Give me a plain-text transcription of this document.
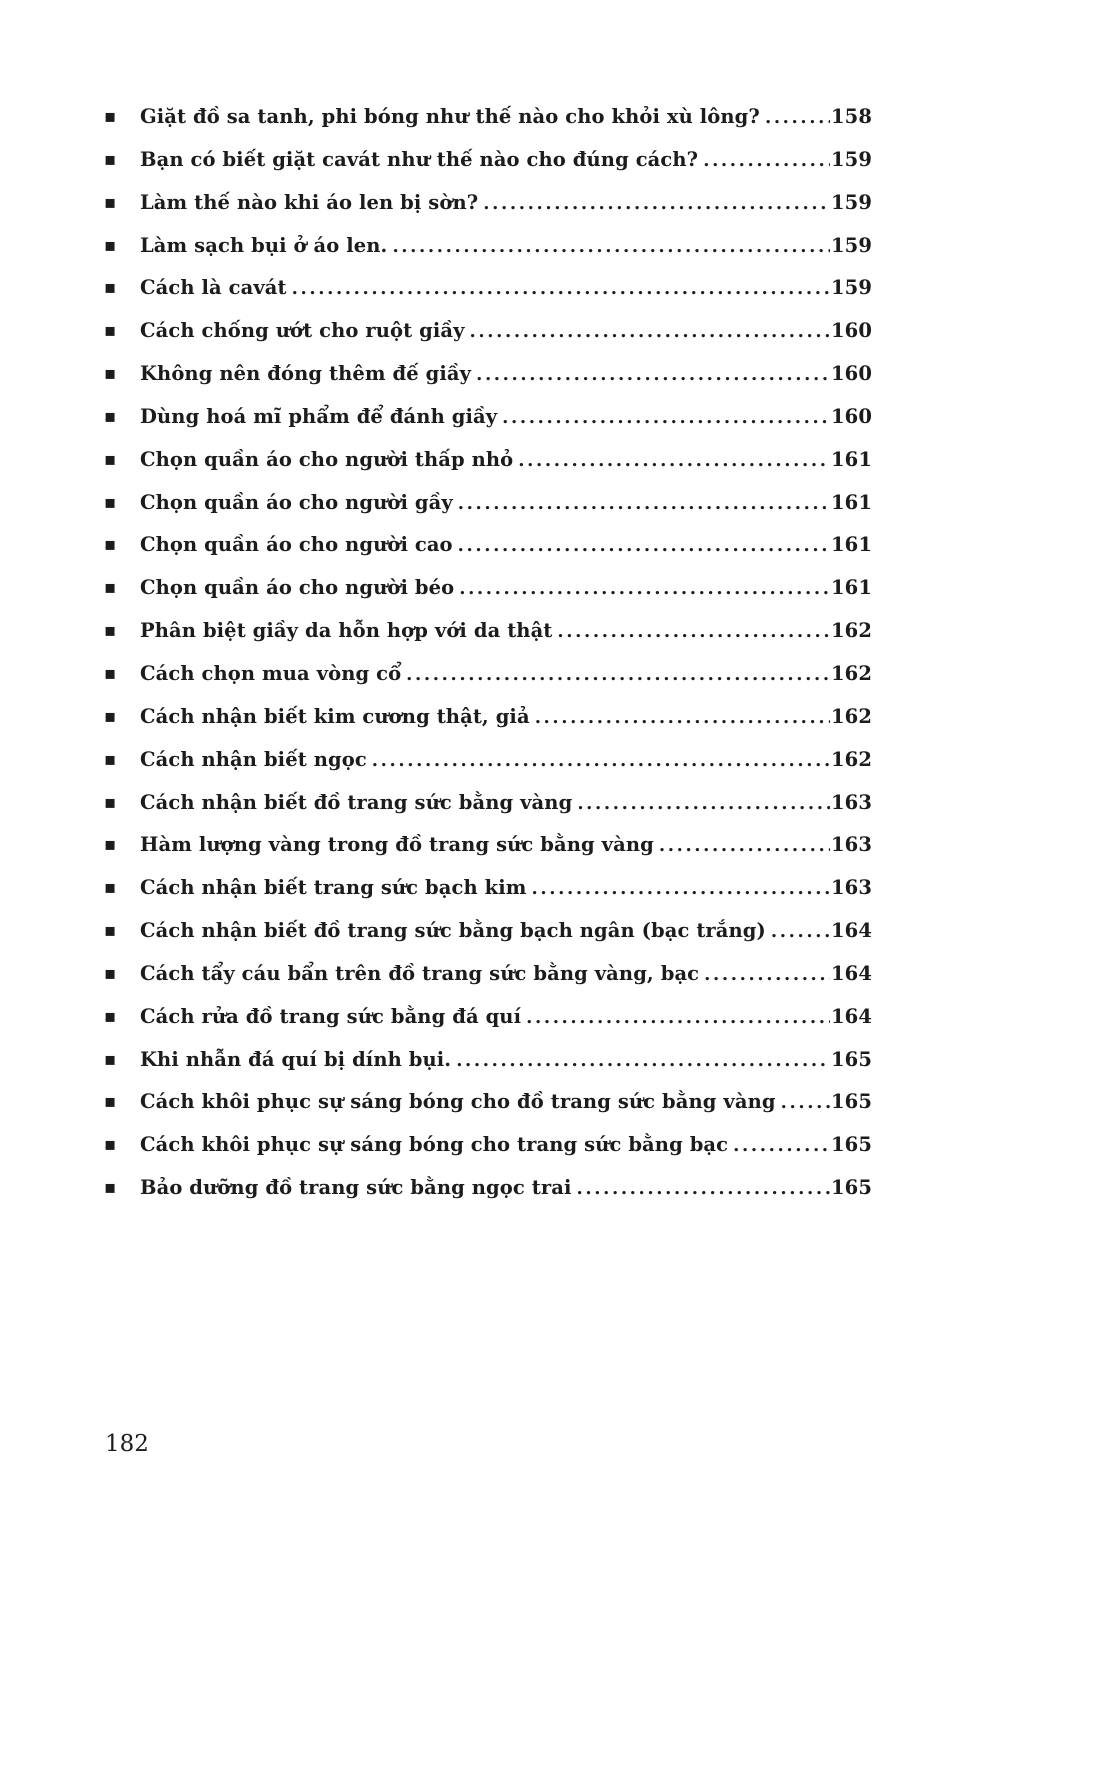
▪	Giặt đồ sa tanh, phi bóng như thế nào cho khỏi xù lông? .....	158
▪	Bạn có biết giặt cavát như thế nào cho đúng cách? .....	159
▪	Làm thế nào khi áo len bị sờn? .....	159
▪	Làm sạch bụi ở áo len. .....	159
▪	Cách là cavát .....	159
▪	Cách chống ướt cho ruột giầy .....	160
▪	Không nên đóng thêm đế giầy .....	160
▪	Dùng hoá mĩ phẩm để đánh giầy .....	160
▪	Chọn quần áo cho người thấp nhỏ .....	161
▪	Chọn quần áo cho người gầy .....	161
▪	Chọn quần áo cho người cao .....	161
▪	Chọn quần áo cho người béo .....	161
▪	Phân biệt giầy da hỗn hợp với da thật .....	162
▪	Cách chọn mua vòng cổ .....	162
▪	Cách nhận biết kim cương thật, giả .....	162
▪	Cách nhận biết ngọc .....	162
▪	Cách nhận biết đồ trang sức bằng vàng .....	163
▪	Hàm lượng vàng trong đồ trang sức bằng vàng .....	163
▪	Cách nhận biết trang sức bạch kim .....	163
▪	Cách nhận biết đồ trang sức bằng bạch ngân (bạc trắng) .....	164
▪	Cách tẩy cáu bẩn trên đồ trang sức bằng vàng, bạc .....	164
▪	Cách rửa đồ trang sức bằng đá quí .....	164
▪	Khi nhẫn đá quí bị dính bụi. .....	165
▪	Cách khôi phục sự sáng bóng cho đồ trang sức bằng vàng .....	165
▪	Cách khôi phục sự sáng bóng cho trang sức bằng bạc .....	165
▪	Bảo dưỡng đồ trang sức bằng ngọc trai .....	165
182
